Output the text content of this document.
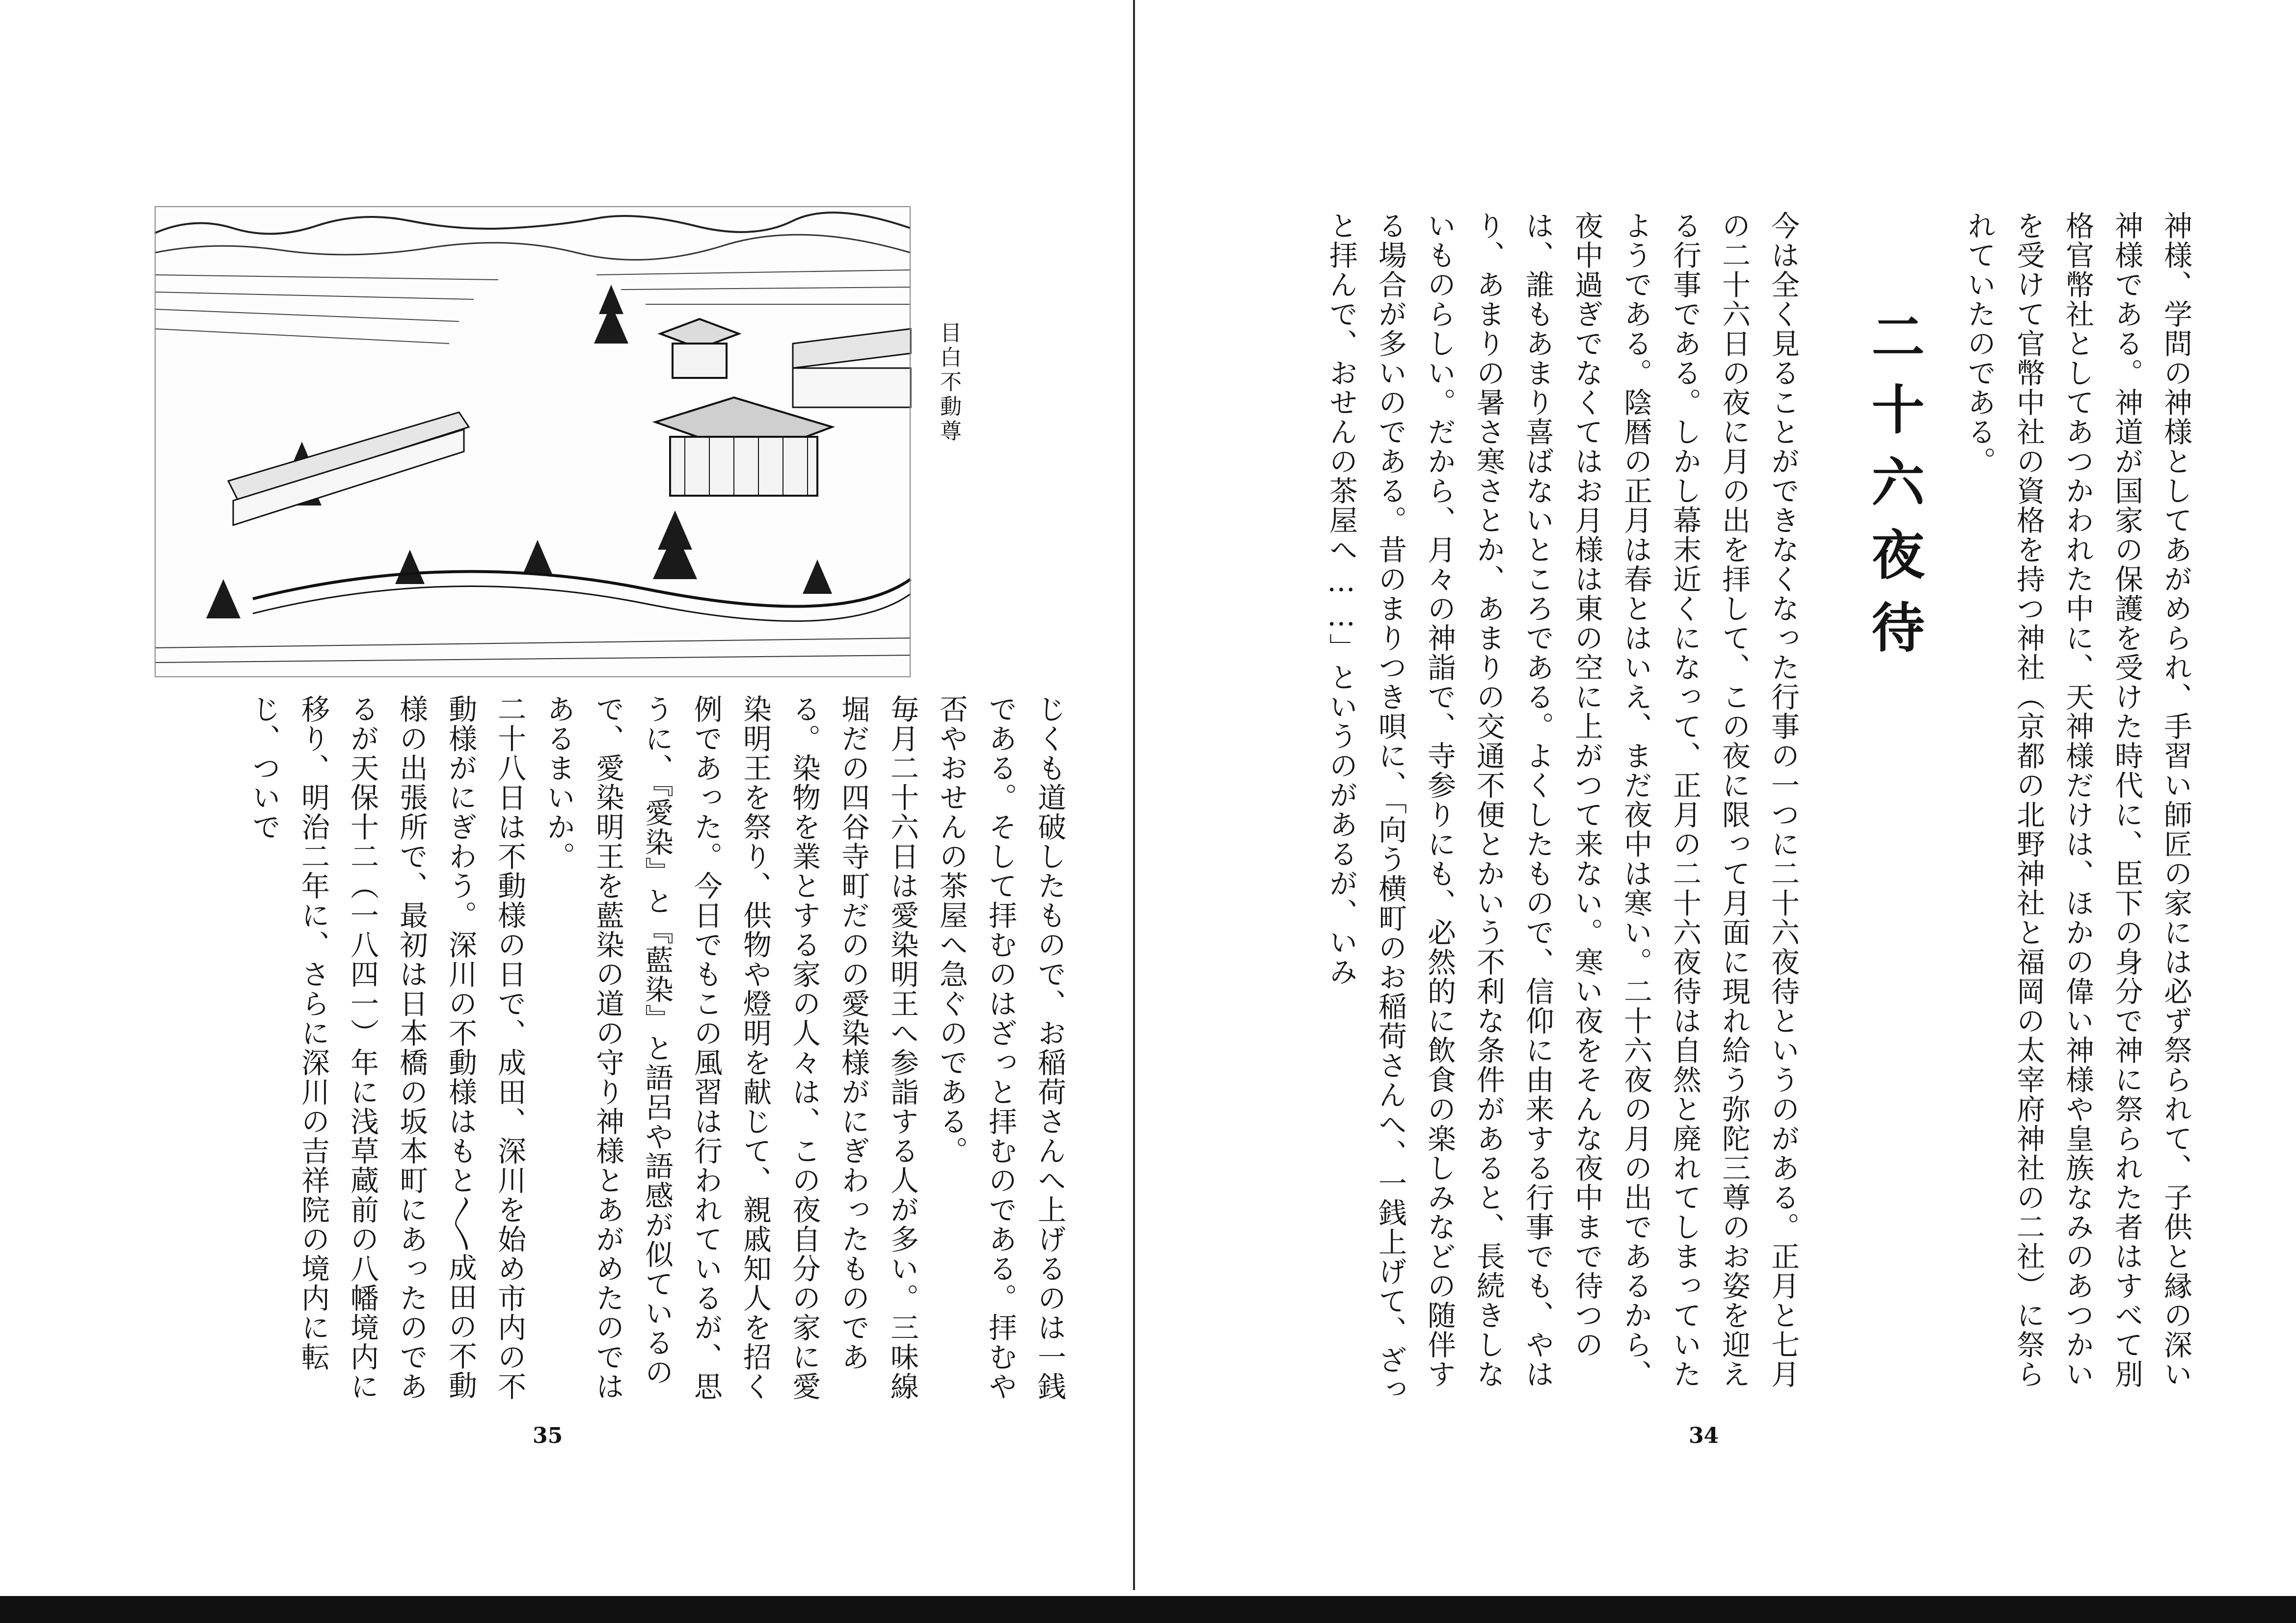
目白不動尊

じくも道破したもので、お稲荷さんへ上げるのは一銭である。そして拝むのはざっと拝むのである。拝むや否やおせんの茶屋へ急ぐのである。

毎月二十六日は愛染明王へ参詣する人が多い。三味線堀だの四谷寺町だのの愛染様がにぎわったものである。染物を業とする家の人々は、この夜自分の家に愛染明王を祭り、供物や燈明を献じて、親戚知人を招く例であった。今日でもこの風習は行われているが、思うに、『愛染』と『藍染』と語呂や語感が似ているので、愛染明王を藍染の道の守り神様とあがめたのではあるまいか。

二十八日は不動様の日で、成田、深川を始め市内の不動様がにぎわう。深川の不動様はもと〳〵成田の不動様の出張所で、最初は日本橋の坂本町にあったのであるが天保十二（一八四一）年に浅草蔵前の八幡境内に移り、明治二年に、さらに深川の吉祥院の境内に転じ、ついで

35

神様、学問の神様としてあがめられ、手習い師匠の家には必ず祭られて、子供と縁の深い神様である。神道が国家の保護を受けた時代に、臣下の身分で神に祭られた者はすべて別格官幣社としてあつかわれた中に、天神様だけは、ほかの偉い神様や皇族なみのあつかいを受けて官幣中社の資格を持つ神社（京都の北野神社と福岡の太宰府神社の二社）に祭られていたのである。

今は全く見ることができなくなった行事の一つに二十六夜待というのがある。正月と七月の二十六日の夜に月の出を拝して、この夜に限って月面に現れ給う弥陀三尊のお姿を迎える行事である。しかし幕末近くになって、正月の二十六夜待は自然と廃れてしまっていたようである。陰暦の正月は春とはいえ、まだ夜中は寒い。二十六夜の月の出であるから、夜中過ぎでなくてはお月様は東の空に上がつて来ない。寒い夜をそんな夜中まで待つのは、誰もあまり喜ばないところである。よくしたもので、信仰に由来する行事でも、やはり、あまりの暑さ寒さとか、あまりの交通不便とかいう不利な条件があると、長続きしないものらしい。だから、月々の神詣で、寺参りにも、必然的に飲食の楽しみなどの随伴する場合が多いのである。昔のまりつき唄に、「向う横町のお稲荷さんへ、一銭上げて、ざっと拝んで、おせんの茶屋へ……」というのがあるが、いみ

34

二十六夜待
